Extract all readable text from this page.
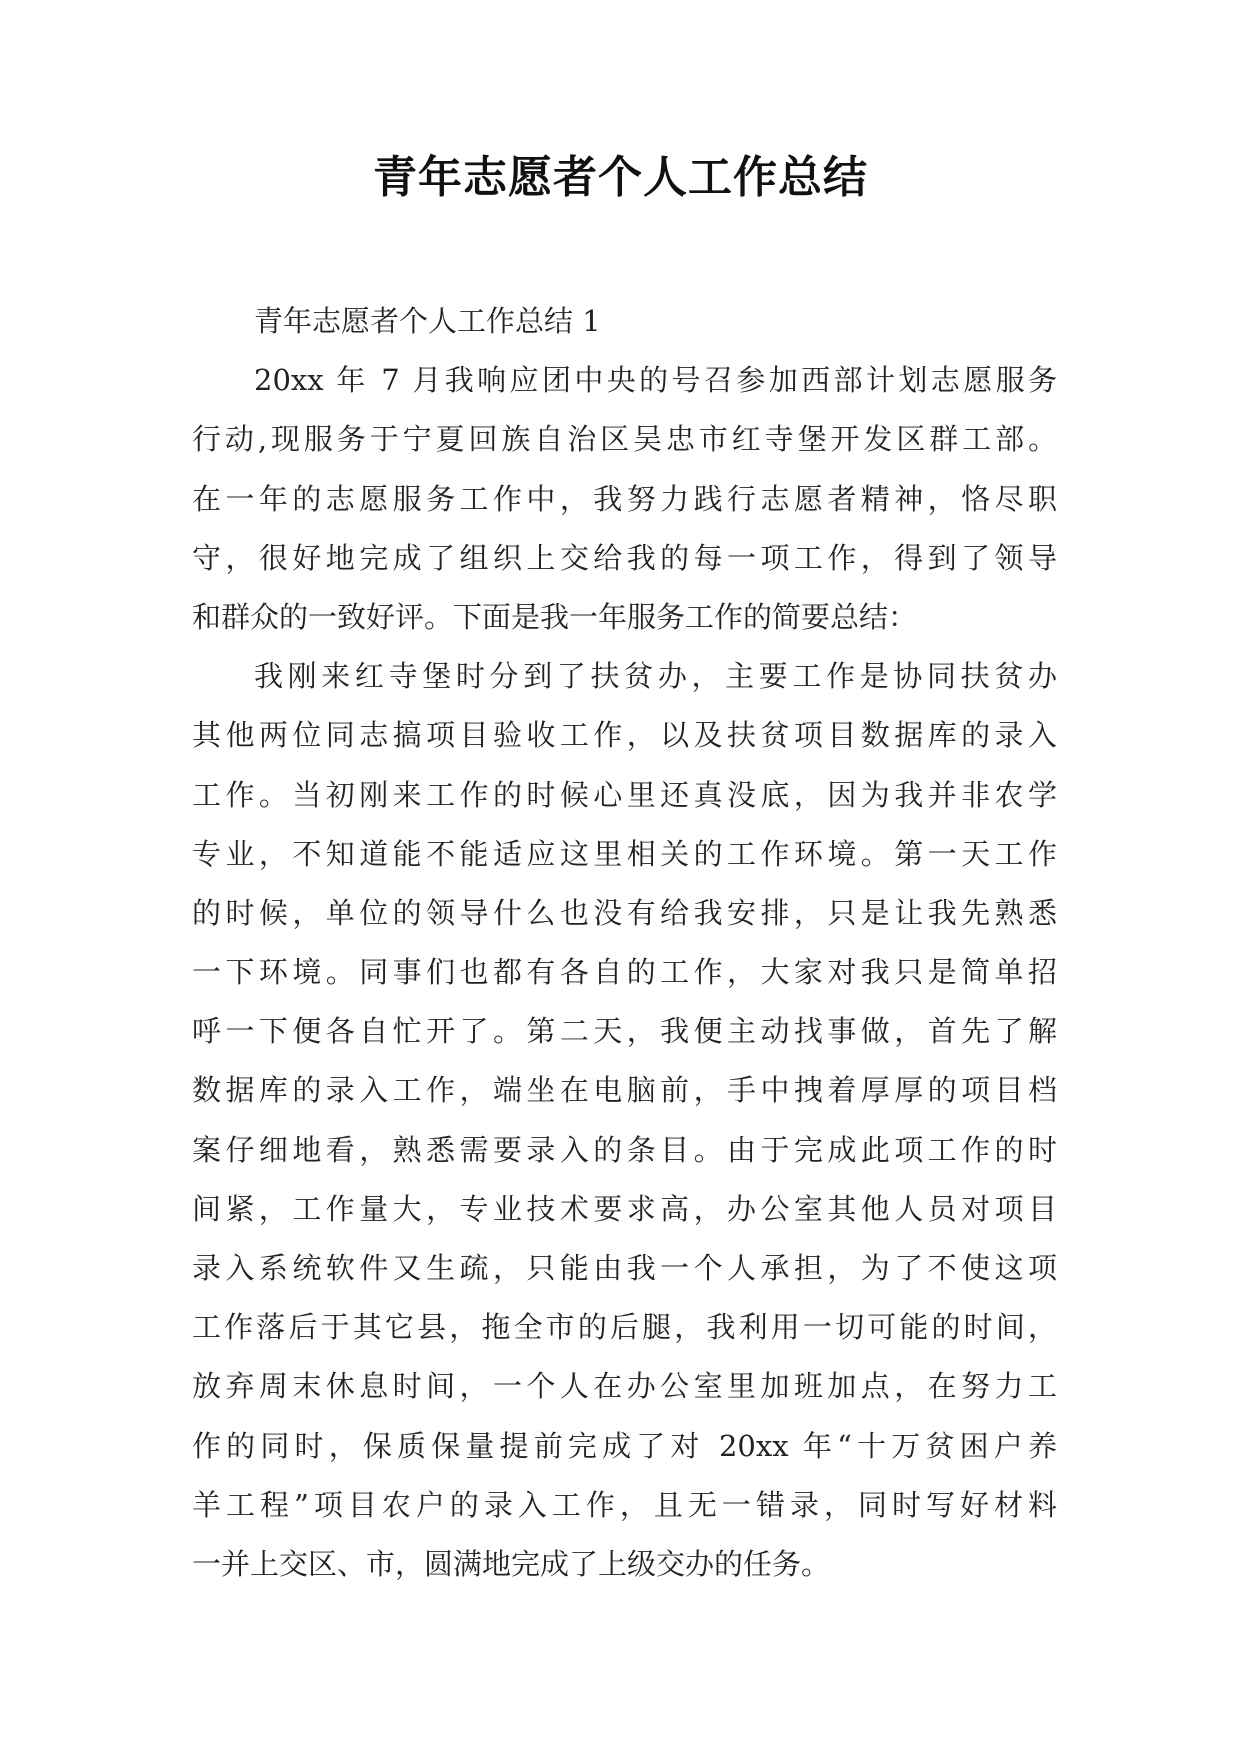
青年志愿者个人工作总结
青年志愿者个人工作总结 1
20xx 年 7 月我响应团中央的号召参加西部计划志愿服务
行动,现服务于宁夏回族自治区吴忠市红寺堡开发区群工部。
在一年的志愿服务工作中，我努力践行志愿者精神，恪尽职
守，很好地完成了组织上交给我的每一项工作，得到了领导
和群众的一致好评。下面是我一年服务工作的简要总结：
我刚来红寺堡时分到了扶贫办，主要工作是协同扶贫办
其他两位同志搞项目验收工作，以及扶贫项目数据库的录入
工作。当初刚来工作的时候心里还真没底，因为我并非农学
专业，不知道能不能适应这里相关的工作环境。第一天工作
的时候，单位的领导什么也没有给我安排，只是让我先熟悉
一下环境。同事们也都有各自的工作，大家对我只是简单招
呼一下便各自忙开了。第二天，我便主动找事做，首先了解
数据库的录入工作，端坐在电脑前，手中拽着厚厚的项目档
案仔细地看，熟悉需要录入的条目。由于完成此项工作的时
间紧，工作量大，专业技术要求高，办公室其他人员对项目
录入系统软件又生疏，只能由我一个人承担，为了不使这项
工作落后于其它县，拖全市的后腿，我利用一切可能的时间，
放弃周末休息时间，一个人在办公室里加班加点，在努力工
作的同时，保质保量提前完成了对 20xx 年“十万贫困户养
羊工程”项目农户的录入工作，且无一错录，同时写好材料
一并上交区、市，圆满地完成了上级交办的任务。
